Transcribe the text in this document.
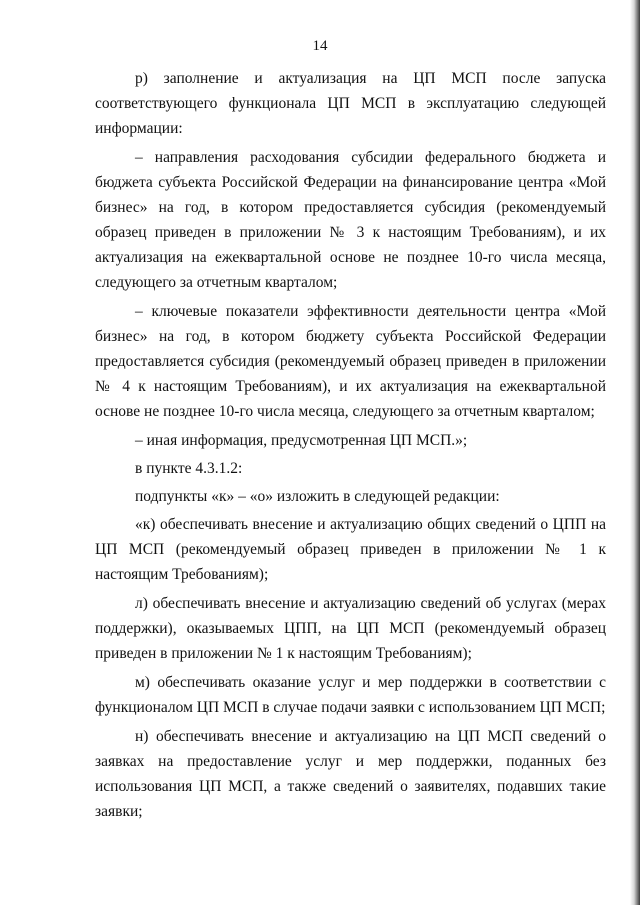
14

р) заполнение и актуализация на ЦП МСП после запуска соответствующего функционала ЦП МСП в эксплуатацию следующей информации:

– направления расходования субсидии федерального бюджета и бюджета субъекта Российской Федерации на финансирование центра «Мой бизнес» на год, в котором предоставляется субсидия (рекомендуемый образец приведен в приложении № 3 к настоящим Требованиям), и их актуализация на ежеквартальной основе не позднее 10-го числа месяца, следующего за отчетным кварталом;

– ключевые показатели эффективности деятельности центра «Мой бизнес» на год, в котором бюджету субъекта Российской Федерации предоставляется субсидия (рекомендуемый образец приведен в приложении № 4 к настоящим Требованиям), и их актуализация на ежеквартальной основе не позднее 10-го числа месяца, следующего за отчетным кварталом;

– иная информация, предусмотренная ЦП МСП.»;

в пункте 4.3.1.2:

подпункты «к» – «о» изложить в следующей редакции:

«к) обеспечивать внесение и актуализацию общих сведений о ЦПП на ЦП МСП (рекомендуемый образец приведен в приложении № 1 к настоящим Требованиям);

л) обеспечивать внесение и актуализацию сведений об услугах (мерах поддержки), оказываемых ЦПП, на ЦП МСП (рекомендуемый образец приведен в приложении № 1 к настоящим Требованиям);

м) обеспечивать оказание услуг и мер поддержки в соответствии с функционалом ЦП МСП в случае подачи заявки с использованием ЦП МСП;

н) обеспечивать внесение и актуализацию на ЦП МСП сведений о заявках на предоставление услуг и мер поддержки, поданных без использования ЦП МСП, а также сведений о заявителях, подавших такие заявки;
